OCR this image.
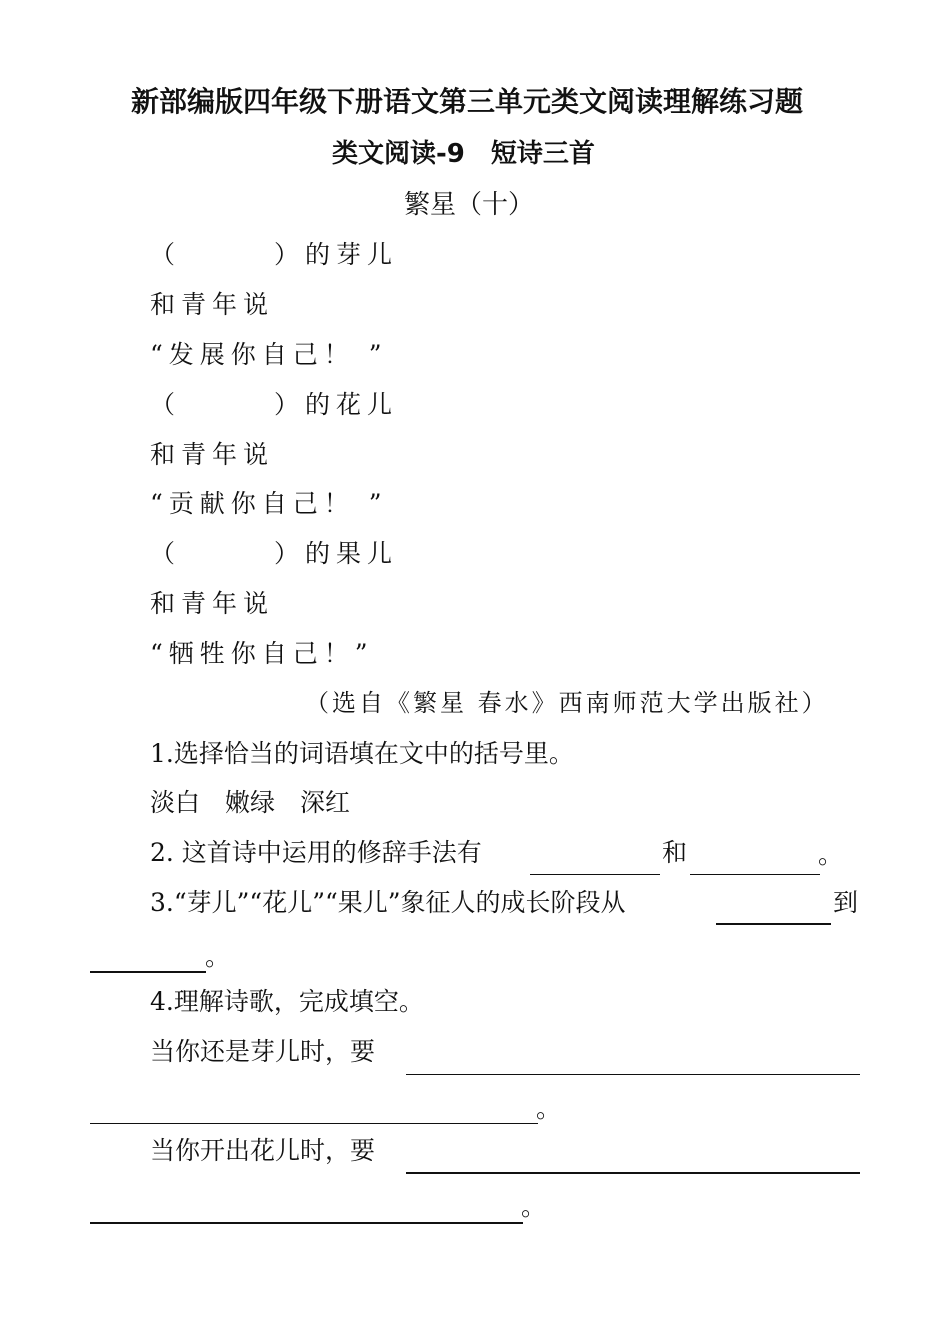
新部编版四年级下册语文第三单元类文阅读理解练习题
类文阅读-9　短诗三首
繁星（十）
（　　　）的芽儿
和青年说
“发展你自己！ ”
（　　　）的花儿
和青年说
“贡献你自己！ ”
（　　　）的果儿
和青年说
“牺牲你自己！”
（选自《繁星 春水》西南师范大学出版社）
1.选择恰当的词语填在文中的括号里。
淡白　嫩绿　深红
2. 这首诗中运用的修辞手法有	和	。
3.“芽儿”“花儿”“果儿”象征人的成长阶段从	到
。
4.理解诗歌，完成填空。
当你还是芽儿时，要
。
当你开出花儿时，要
。
